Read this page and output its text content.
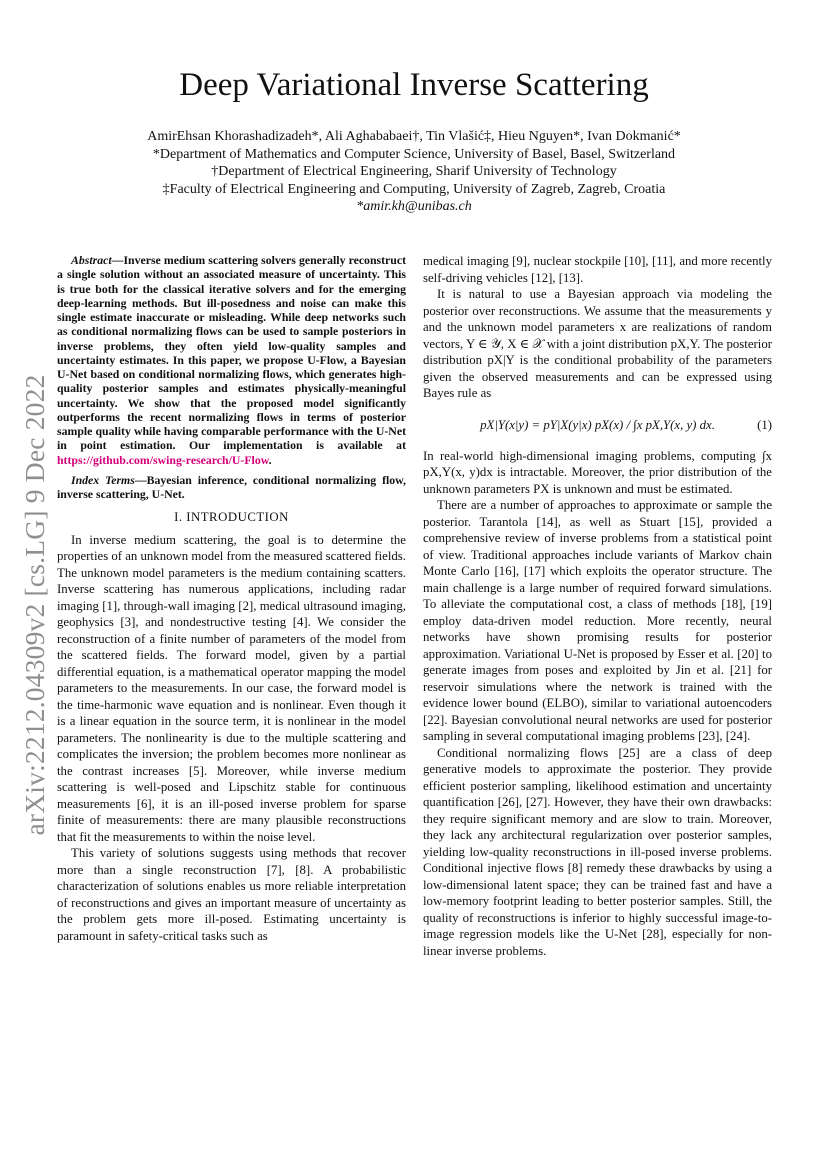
arXiv:2212.04309v2 [cs.LG] 9 Dec 2022
Deep Variational Inverse Scattering
AmirEhsan Khorashadizadeh*, Ali Aghababaei†, Tin Vlašić‡, Hieu Nguyen*, Ivan Dokmanić*
*Department of Mathematics and Computer Science, University of Basel, Basel, Switzerland
†Department of Electrical Engineering, Sharif University of Technology
‡Faculty of Electrical Engineering and Computing, University of Zagreb, Zagreb, Croatia
*amir.kh@unibas.ch

Abstract—Inverse medium scattering solvers generally reconstruct a single solution without an associated measure of uncertainty. This is true both for the classical iterative solvers and for the emerging deep-learning methods. But ill-posedness and noise can make this single estimate inaccurate or misleading. While deep networks such as conditional normalizing flows can be used to sample posteriors in inverse problems, they often yield low-quality samples and uncertainty estimates. In this paper, we propose U-Flow, a Bayesian U-Net based on conditional normalizing flows, which generates high-quality posterior samples and estimates physically-meaningful uncertainty. We show that the proposed model significantly outperforms the recent normalizing flows in terms of posterior sample quality while having comparable performance with the U-Net in point estimation. Our implementation is available at https://github.com/swing-research/U-Flow.

Index Terms—Bayesian inference, conditional normalizing flow, inverse scattering, U-Net.

I. INTRODUCTION

In inverse medium scattering, the goal is to determine the properties of an unknown model from the measured scattered fields. The unknown model parameters is the medium containing scatters. Inverse scattering has numerous applications, including radar imaging [1], through-wall imaging [2], medical ultrasound imaging, geophysics [3], and nondestructive testing [4]. We consider the reconstruction of a finite number of parameters of the model from the scattered fields. The forward model, given by a partial differential equation, is a mathematical operator mapping the model parameters to the measurements. In our case, the forward model is the time-harmonic wave equation and is nonlinear. Even though it is a linear equation in the source term, it is nonlinear in the model parameters. The nonlinearity is due to the multiple scattering and complicates the inversion; the problem becomes more nonlinear as the contrast increases [5]. Moreover, while inverse medium scattering is well-posed and Lipschitz stable for continuous measurements [6], it is an ill-posed inverse problem for sparse finite of measurements: there are many plausible reconstructions that fit the measurements to within the noise level.

This variety of solutions suggests using methods that recover more than a single reconstruction [7], [8]. A probabilistic characterization of solutions enables us more reliable interpretation of reconstructions and gives an important measure of uncertainty as the problem gets more ill-posed. Estimating uncertainty is paramount in safety-critical tasks such as

medical imaging [9], nuclear stockpile [10], [11], and more recently self-driving vehicles [12], [13].

It is natural to use a Bayesian approach via modeling the posterior over reconstructions. We assume that the measurements y and the unknown model parameters x are realizations of random vectors, Y ∈ 𝒴, X ∈ 𝒳 with a joint distribution pX,Y. The posterior distribution pX|Y is the conditional probability of the parameters given the observed measurements and can be expressed using Bayes rule as

pX|Y(x|y) = pY|X(y|x) pX(x) / ∫x pX,Y(x, y) dx.	(1)

In real-world high-dimensional imaging problems, computing ∫x pX,Y(x, y)dx is intractable. Moreover, the prior distribution of the unknown parameters PX is unknown and must be estimated.

There are a number of approaches to approximate or sample the posterior. Tarantola [14], as well as Stuart [15], provided a comprehensive review of inverse problems from a statistical point of view. Traditional approaches include variants of Markov chain Monte Carlo [16], [17] which exploits the operator structure. The main challenge is a large number of required forward simulations. To alleviate the computational cost, a class of methods [18], [19] employ data-driven model reduction. More recently, neural networks have shown promising results for posterior approximation. Variational U-Net is proposed by Esser et al. [20] to generate images from poses and exploited by Jin et al. [21] for reservoir simulations where the network is trained with the evidence lower bound (ELBO), similar to variational autoencoders [22]. Bayesian convolutional neural networks are used for posterior sampling in several computational imaging problems [23], [24].

Conditional normalizing flows [25] are a class of deep generative models to approximate the posterior. They provide efficient posterior sampling, likelihood estimation and uncertainty quantification [26], [27]. However, they have their own drawbacks: they require significant memory and are slow to train. Moreover, they lack any architectural regularization over posterior samples, yielding low-quality reconstructions in ill-posed inverse problems. Conditional injective flows [8] remedy these drawbacks by using a low-dimensional latent space; they can be trained fast and have a low-memory footprint leading to better posterior samples. Still, the quality of reconstructions is inferior to highly successful image-to-image regression models like the U-Net [28], especially for non-linear inverse problems.
